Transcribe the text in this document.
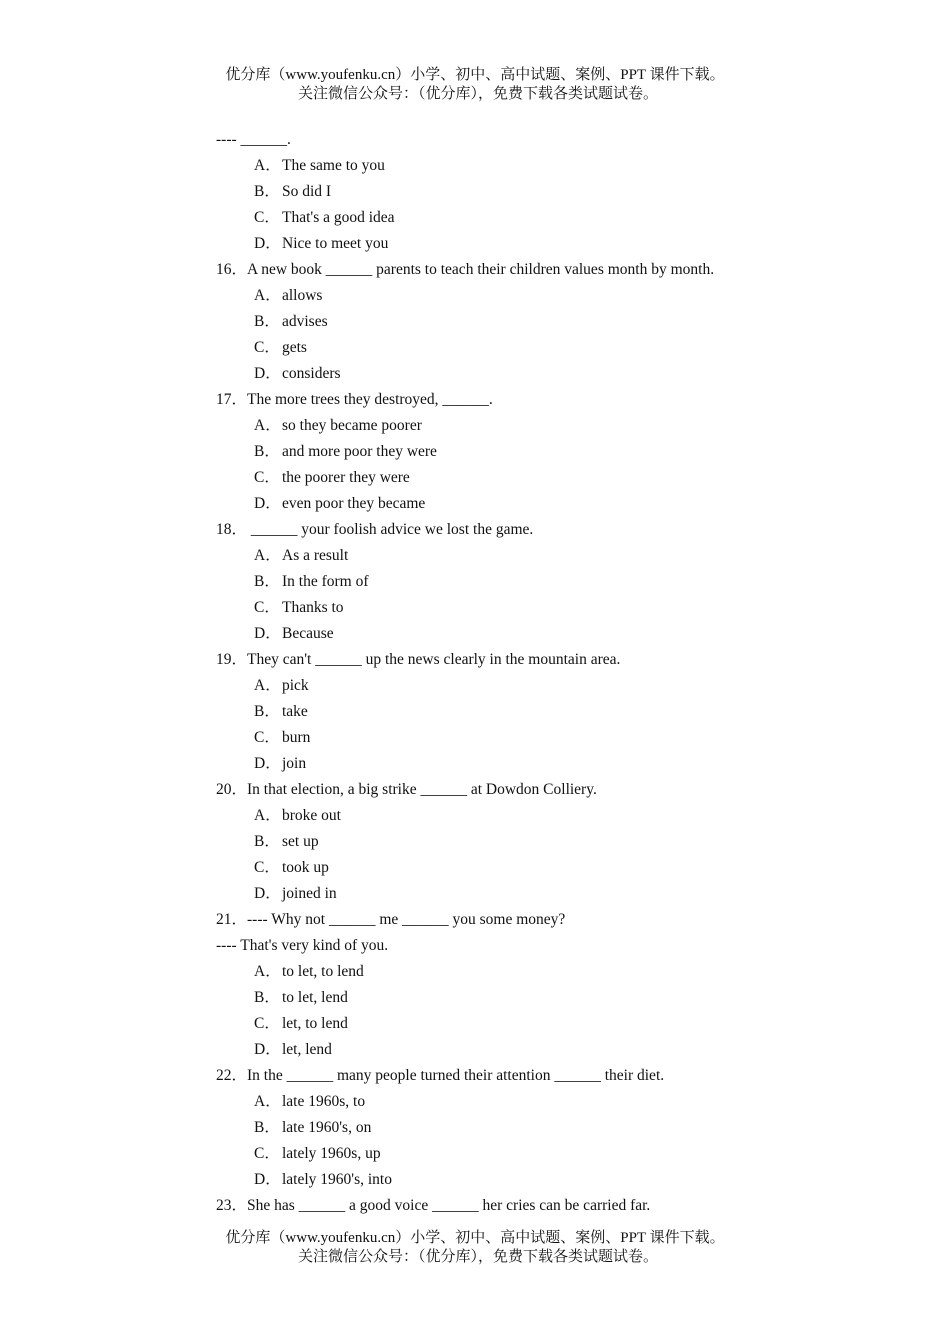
优分库（www.youfenku.cn）小学、初中、高中试题、案例、PPT 课件下载。
关注微信公众号：（优分库），免费下载各类试题试卷。
---- ______.
A．The same to you
B． So did I
C． That's a good idea
D．Nice to meet you
16．A new book ______ parents to teach their children values month by month.
A．allows
B． advises
C． gets
D．considers
17．The more trees they destroyed, ______.
A．so they became poorer
B． and more poor they were
C． the poorer they were
D．even poor they became
18． ______ your foolish advice we lost the game.
A．As a result
B． In the form of
C． Thanks to
D．Because
19．They can't ______ up the news clearly in the mountain area.
A．pick
B． take
C． burn
D．join
20．In that election, a big strike ______ at Dowdon Colliery.
A．broke out
B． set up
C． took up
D．joined in
21．---- Why not ______ me ______ you some money?
---- That's very kind of you.
A．to let, to lend
B． to let, lend
C． let, to lend
D．let, lend
22．In the ______ many people turned their attention ______ their diet.
A．late 1960s, to
B． late 1960's, on
C． lately 1960s, up
D．lately 1960's, into
23．She has ______ a good voice ______ her cries can be carried far.
优分库（www.youfenku.cn）小学、初中、高中试题、案例、PPT 课件下载。
关注微信公众号：（优分库），免费下载各类试题试卷。
